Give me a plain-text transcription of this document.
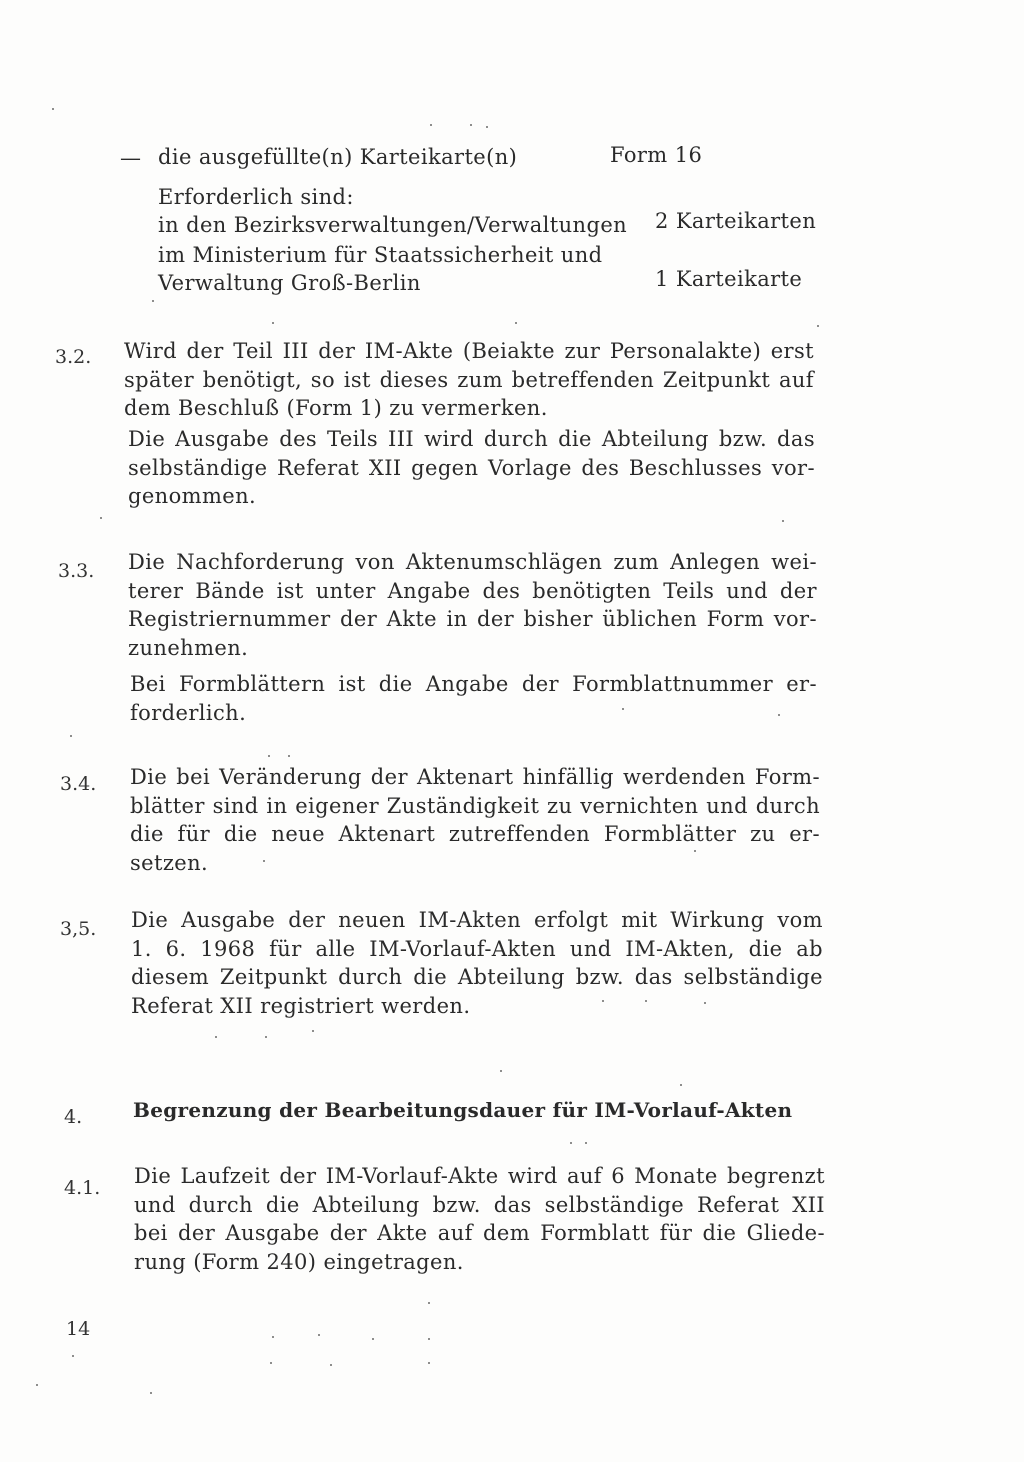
— die ausgefüllte(n) Karteikarte(n)	Form 16
Erforderlich sind:
in den Bezirksverwaltungen/Verwaltungen 2 Karteikarten
im Ministerium für Staatssicherheit und
Verwaltung Groß-Berlin	1 Karteikarte
3.2. Wird der Teil III der IM-Akte (Beiakte zur Personalakte) erst
später benötigt, so ist dieses zum betreffenden Zeitpunkt auf
dem Beschluß (Form 1) zu vermerken.
Die Ausgabe des Teils III wird durch die Abteilung bzw. das
selbständige Referat XII gegen Vorlage des Beschlusses vor-
genommen.
3.3. Die Nachforderung von Aktenumschlägen zum Anlegen wei-
terer Bände ist unter Angabe des benötigten Teils und der
Registriernummer der Akte in der bisher üblichen Form vor-
zunehmen.
Bei Formblättern ist die Angabe der Formblattnummer er-
forderlich.
3.4. Die bei Veränderung der Aktenart hinfällig werdenden Form-
blätter sind in eigener Zuständigkeit zu vernichten und durch
die für die neue Aktenart zutreffenden Formblätter zu er-
setzen.
3,5. Die Ausgabe der neuen IM-Akten erfolgt mit Wirkung vom
1. 6. 1968 für alle IM-Vorlauf-Akten und IM-Akten, die ab
diesem Zeitpunkt durch die Abteilung bzw. das selbständige
Referat XII registriert werden.
4.	Begrenzung der Bearbeitungsdauer für IM-Vorlauf-Akten
4.1. Die Laufzeit der IM-Vorlauf-Akte wird auf 6 Monate begrenzt
und durch die Abteilung bzw. das selbständige Referat XII
bei der Ausgabe der Akte auf dem Formblatt für die Gliede-
rung (Form 240) eingetragen.
14
